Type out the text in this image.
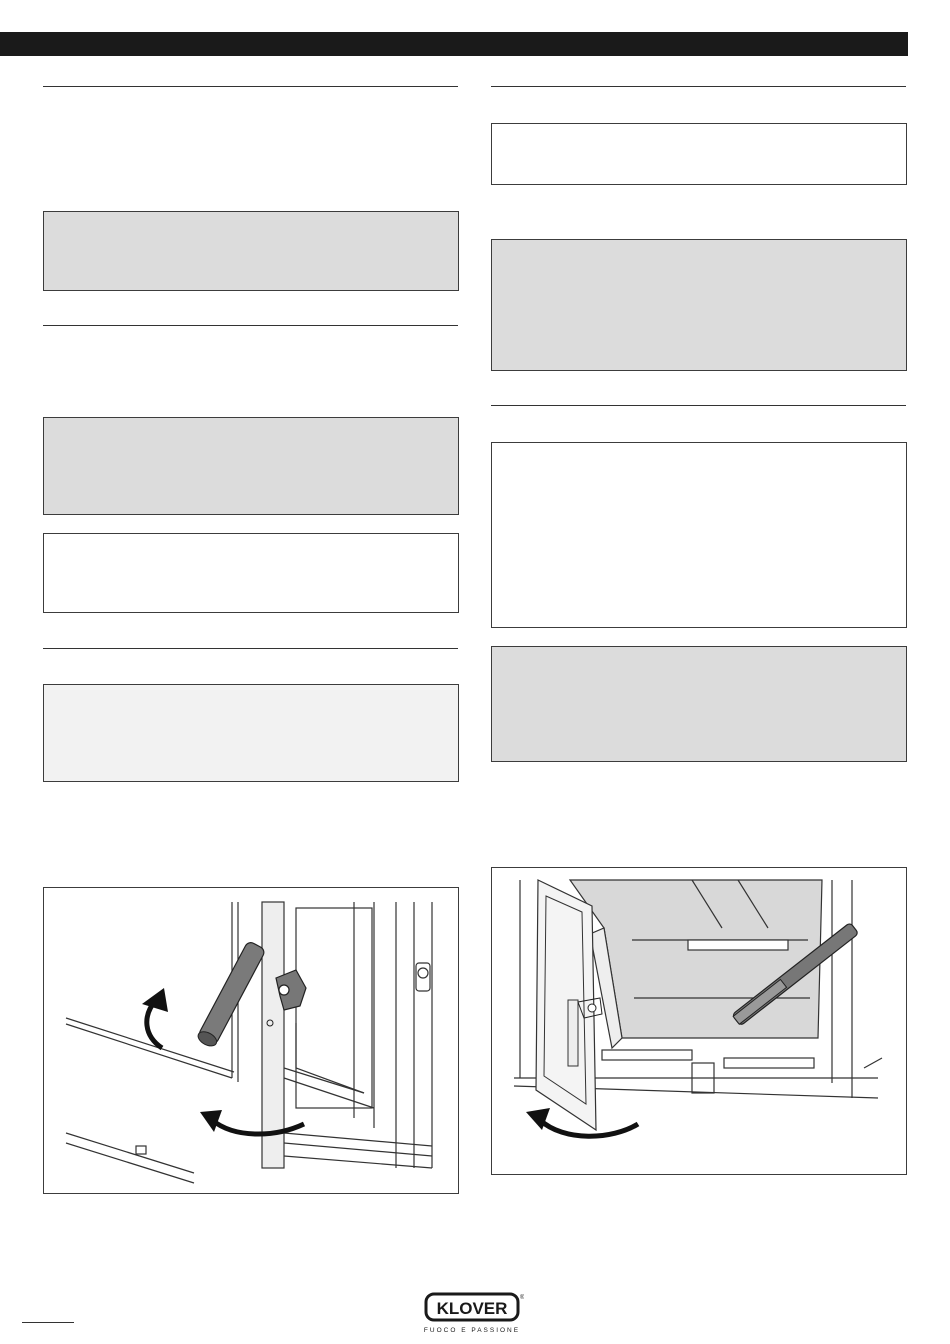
KLOVER
®
FUOCO E PASSIONE
